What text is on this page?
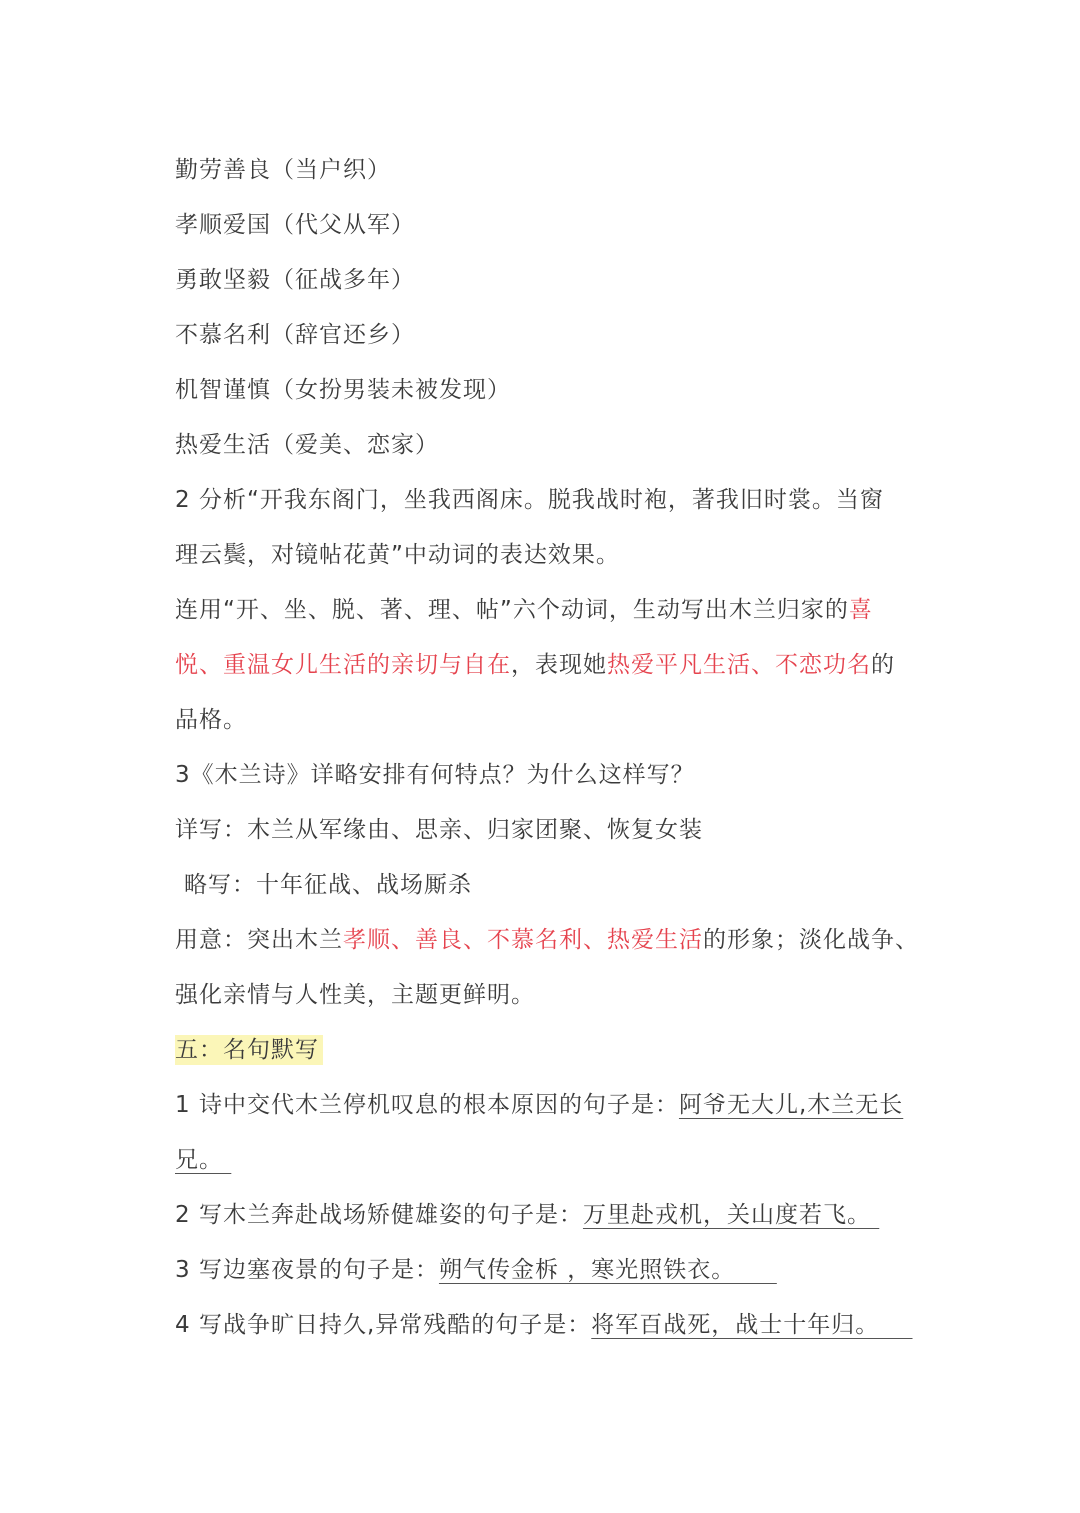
勤劳善良（当户织）
孝顺爱国（代父从军）
勇敢坚毅（征战多年）
不慕名利（辞官还乡）
机智谨慎（女扮男装未被发现）
热爱生活（爱美、恋家）
2 分析“开我东阁门，坐我西阁床。脱我战时袍，著我旧时裳。当窗
理云鬓，对镜帖花黄”中动词的表达效果。
连用“开、坐、脱、著、理、帖”六个动词，生动写出木兰归家的喜
悦、重温女儿生活的亲切与自在，表现她热爱平凡生活、不恋功名的
品格。
3《木兰诗》详略安排有何特点？为什么这样写？
详写：木兰从军缘由、思亲、归家团聚、恢复女装
略写：十年征战、战场厮杀
用意：突出木兰孝顺、善良、不慕名利、热爱生活的形象；淡化战争、
强化亲情与人性美，主题更鲜明。
五：名句默写
1 诗中交代木兰停机叹息的根本原因的句子是：阿爷无大儿,木兰无长
兄。
2 写木兰奔赴战场矫健雄姿的句子是：万里赴戎机，关山度若飞。
3 写边塞夜景的句子是：朔气传金柝 ，寒光照铁衣。
4 写战争旷日持久,异常残酷的句子是：将军百战死，战士十年归。
